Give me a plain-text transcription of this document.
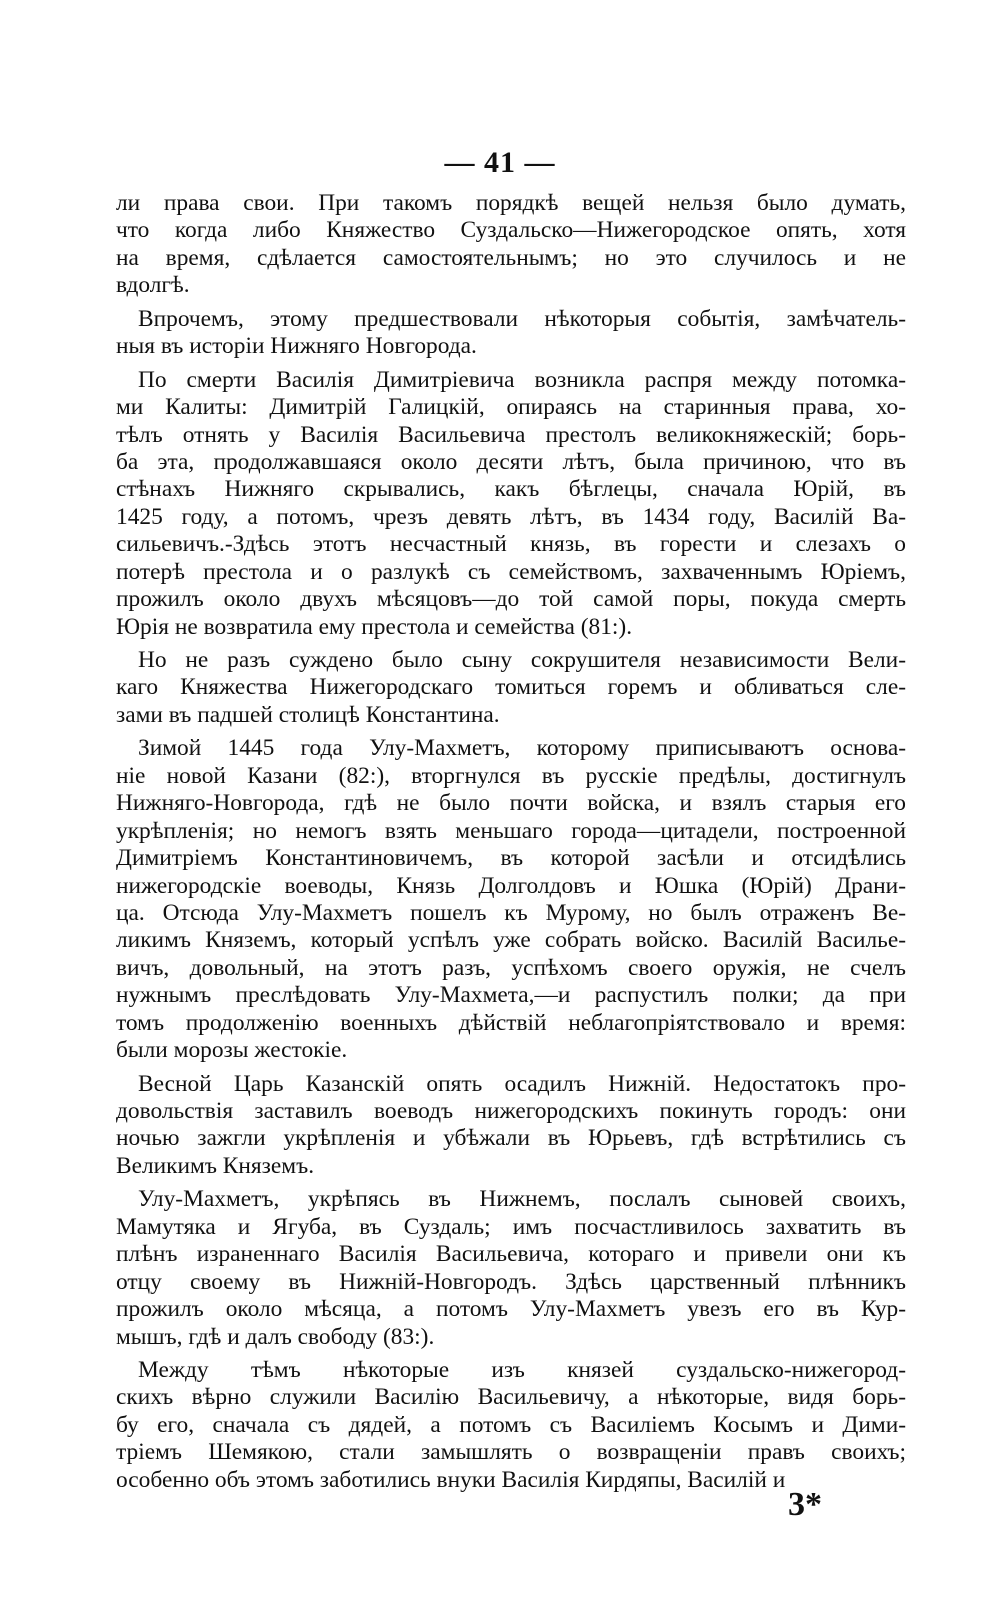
— 41 —
ли права свои. При такомъ порядкѣ вещей нельзя было думать,
что когда либо Княжество Суздальско—Нижегородское опять, хотя
на время, сдѣлается самостоятельнымъ; но это случилось и не
вдолгѣ.
Впрочемъ, этому предшествовали нѣкоторыя событія, замѣчатель-
ныя въ исторіи Нижняго Новгорода.
По смерти Василія Димитріевича возникла распря между потомка-
ми Калиты: Димитрій Галицкій, опираясь на старинныя права, хо-
тѣлъ отнять у Василія Васильевича престолъ великокняжескій; борь-
ба эта, продолжавшаяся около десяти лѣтъ, была причиною, что въ
стѣнахъ Нижняго скрывались, какъ бѣглецы, сначала Юрій, въ
1425 году, а потомъ, чрезъ девять лѣтъ, въ 1434 году, Василій Ва-
сильевичъ.-Здѣсь этотъ несчастный князь, въ горести и слезахъ о
потерѣ престола и о разлукѣ съ семействомъ, захваченнымъ Юріемъ,
прожилъ около двухъ мѣсяцовъ—до той самой поры, покуда смерть
Юрія не возвратила ему престола и семейства (81:).
Но не разъ суждено было сыну сокрушителя независимости Вели-
каго Княжества Нижегородскаго томиться горемъ и обливаться сле-
зами въ падшей столицѣ Константина.
Зимой 1445 года Улу-Махметъ, которому приписываютъ основа-
ніе новой Казани (82:), вторгнулся въ русскіе предѣлы, достигнулъ
Нижняго-Новгорода, гдѣ не было почти войска, и взялъ старыя его
укрѣпленія; но немогъ взять меньшаго города—цитадели, построенной
Димитріемъ Константиновичемъ, въ которой засѣли и отсидѣлись
нижегородскіе воеводы, Князь Долголдовъ и Юшка (Юрій) Драни-
ца. Отсюда Улу-Махметъ пошелъ къ Мурому, но былъ отраженъ Ве-
ликимъ Княземъ, который успѣлъ уже собрать войско. Василій Василье-
вичъ, довольный, на этотъ разъ, успѣхомъ своего оружія, не счелъ
нужнымъ преслѣдовать Улу-Махмета,—и распустилъ полки; да при
томъ продолженію военныхъ дѣйствій неблагопріятствовало и время:
были морозы жестокіе.
Весной Царь Казанскій опять осадилъ Нижній. Недостатокъ про-
довольствія заставилъ воеводъ нижегородскихъ покинуть городъ: они
ночью зажгли укрѣпленія и убѣжали въ Юрьевъ, гдѣ встрѣтились съ
Великимъ Княземъ.
Улу-Махметъ, укрѣпясь въ Нижнемъ, послалъ сыновей своихъ,
Мамутяка и Ягуба, въ Суздаль; имъ посчастливилось захватить въ
плѣнъ израненнаго Василія Васильевича, котораго и привели они къ
отцу своему въ Нижній-Новгородъ. Здѣсь царственный плѣнникъ
прожилъ около мѣсяца, а потомъ Улу-Махметъ увезъ его въ Кур-
мышъ, гдѣ и далъ свободу (83:).
Между тѣмъ нѣкоторые изъ князей суздальско-нижегород-
скихъ вѣрно служили Василію Васильевичу, а нѣкоторые, видя борь-
бу его, сначала съ дядей, а потомъ съ Василіемъ Косымъ и Дими-
тріемъ Шемякою, стали замышлять о возвращеніи правъ своихъ;
особенно объ этомъ заботились внуки Василія Кирдяпы, Василій и
3*
